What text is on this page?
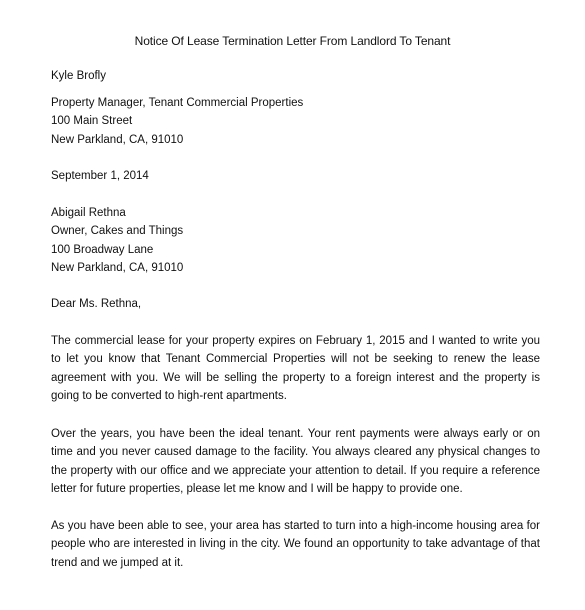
Notice Of Lease Termination Letter From Landlord To Tenant
Kyle Brofly
Property Manager, Tenant Commercial Properties
100 Main Street
New Parkland, CA, 91010
September 1, 2014
Abigail Rethna
Owner, Cakes and Things
100 Broadway Lane
New Parkland, CA, 91010
Dear Ms. Rethna,

The commercial lease for your property expires on February 1, 2015 and I wanted to write you to let you know that Tenant Commercial Properties will not be seeking to renew the lease agreement with you. We will be selling the property to a foreign interest and the property is going to be converted to high-rent apartments.

Over the years, you have been the ideal tenant. Your rent payments were always early or on time and you never caused damage to the facility. You always cleared any physical changes to the property with our office and we appreciate your attention to detail. If you require a reference letter for future properties, please let me know and I will be happy to provide one.

As you have been able to see, your area has started to turn into a high-income housing area for people who are interested in living in the city. We found an opportunity to take advantage of that trend and we jumped at it.
